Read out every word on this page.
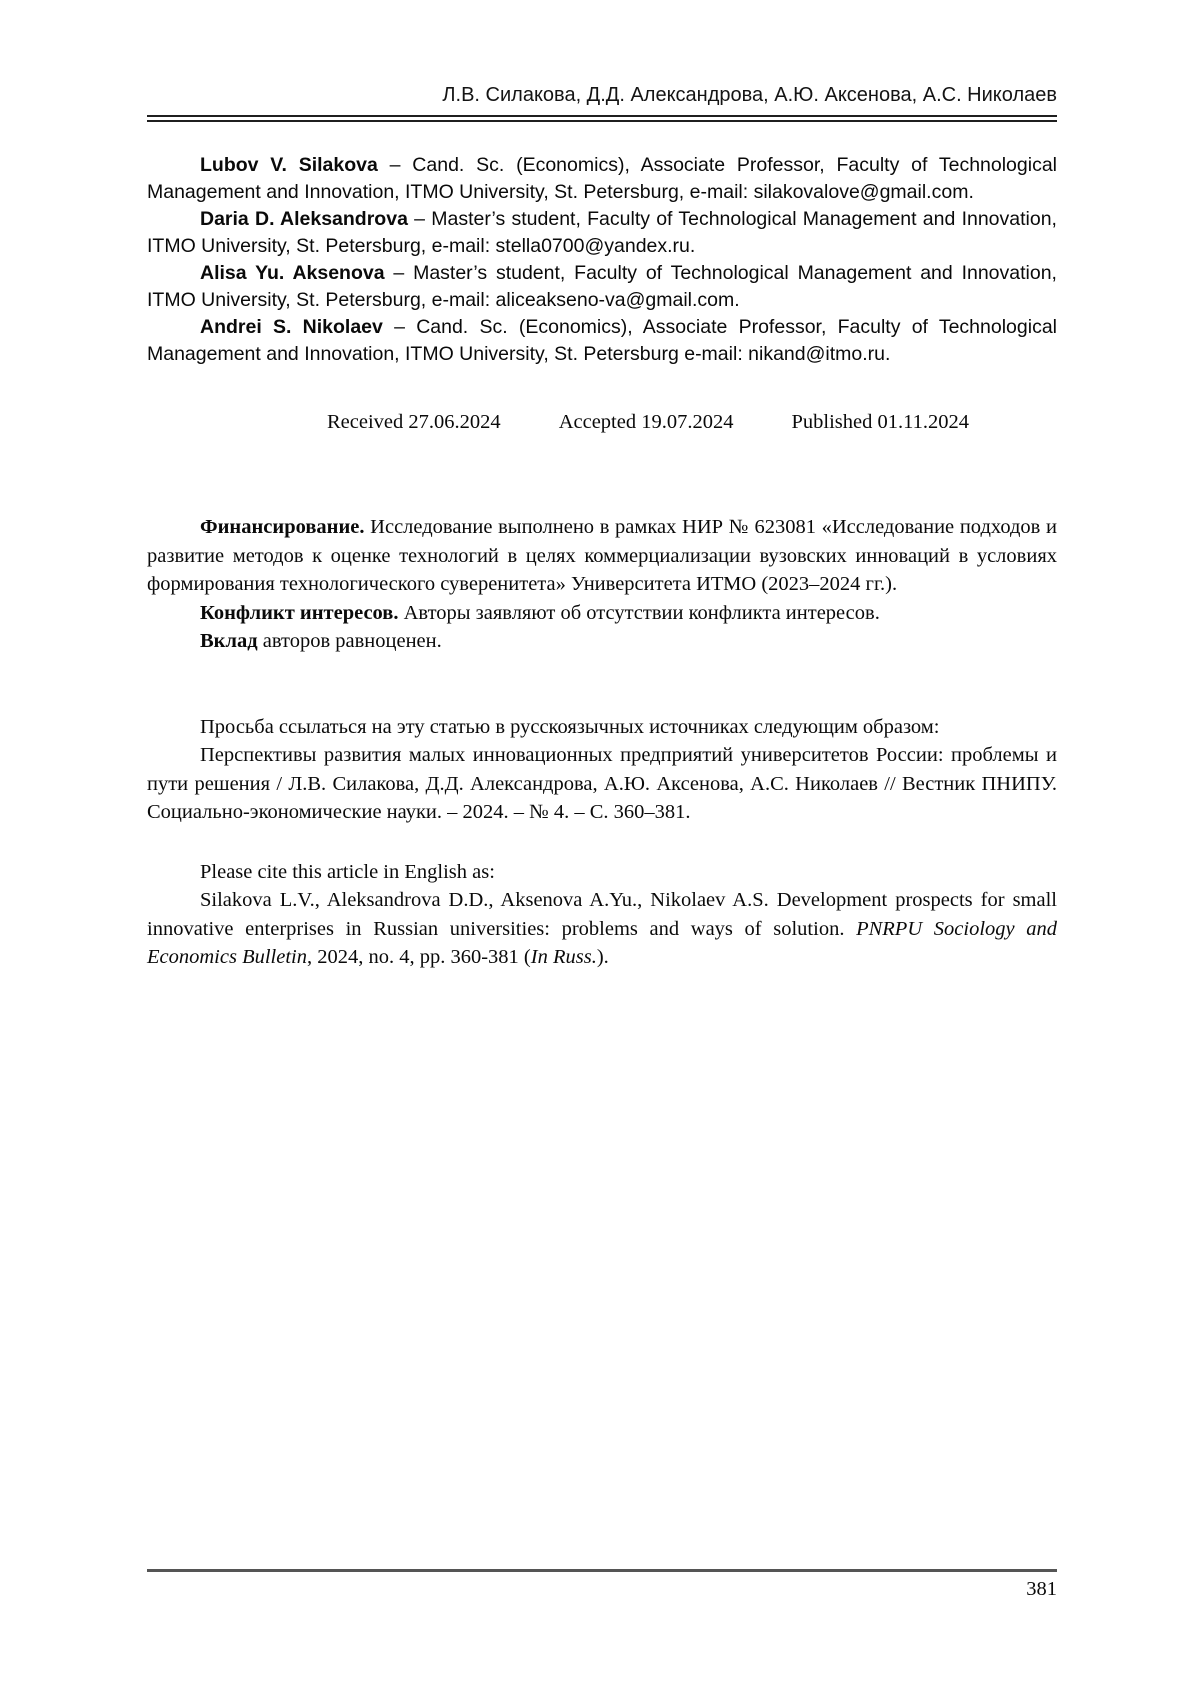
Л.В. Силакова, Д.Д. Александрова, А.Ю. Аксенова, А.С. Николаев

Lubov V. Silakova – Cand. Sc. (Economics), Associate Professor, Faculty of Technological Management and Innovation, ITMO University, St. Petersburg, e-mail: silakovalove@gmail.com.

Daria D. Aleksandrova – Master’s student, Faculty of Technological Management and Innovation, ITMO University, St. Petersburg, e-mail: stella0700@yandex.ru.

Alisa Yu. Aksenova – Master’s student, Faculty of Technological Management and Innovation, ITMO University, St. Petersburg, e-mail: aliceakseno-va@gmail.com.

Andrei S. Nikolaev – Cand. Sc. (Economics), Associate Professor, Faculty of Technological Management and Innovation, ITMO University, St. Petersburg e-mail: nikand@itmo.ru.

Received 27.06.2024	Accepted 19.07.2024	Published 01.11.2024

Финансирование. Исследование выполнено в рамках НИР № 623081 «Исследование подходов и развитие методов к оценке технологий в целях коммерциализации вузовских инноваций в условиях формирования технологического суверенитета» Университета ИТМО (2023–2024 гг.).

Конфликт интересов. Авторы заявляют об отсутствии конфликта интересов.

Вклад авторов равноценен.

Просьба ссылаться на эту статью в русскоязычных источниках следующим образом:

Перспективы развития малых инновационных предприятий университетов России: проблемы и пути решения / Л.В. Силакова, Д.Д. Александрова, А.Ю. Аксенова, А.С. Николаев // Вестник ПНИПУ. Социально-экономические науки. – 2024. – № 4. – С. 360–381.

Please cite this article in English as:

Silakova L.V., Aleksandrova D.D., Aksenova A.Yu., Nikolaev A.S. Development prospects for small innovative enterprises in Russian universities: problems and ways of solution. PNRPU Sociology and Economics Bulletin, 2024, no. 4, pp. 360-381 (In Russ.).

381
